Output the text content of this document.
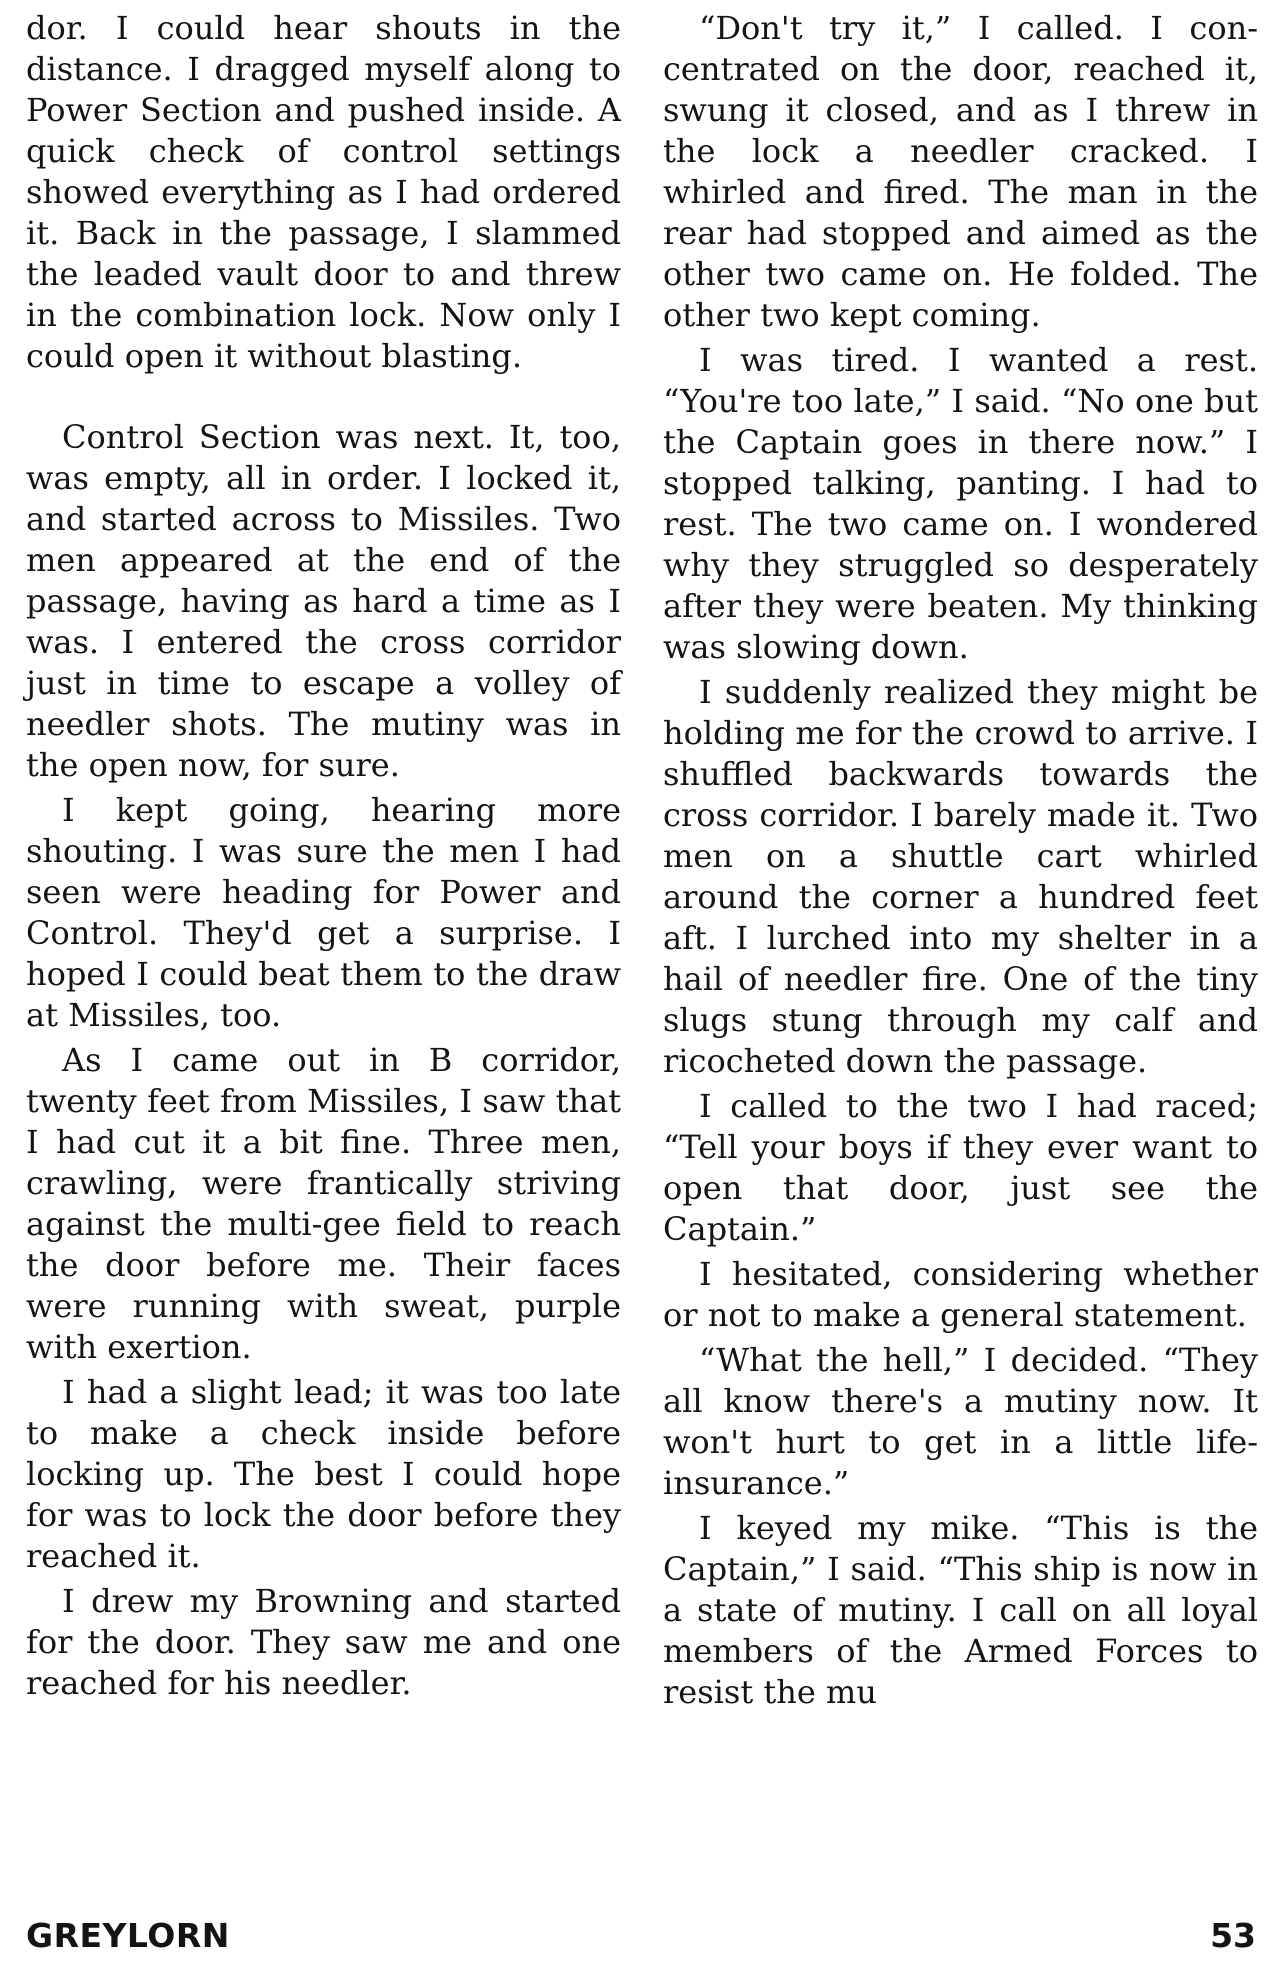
dor. I could hear shouts in the distance. I dragged myself along to Power Section and pushed inside. A quick check of control settings showed everything as I had ordered it. Back in the passage, I slammed the leaded vault door to and threw in the combination lock. Now only I could open it without blasting.

Control Section was next. It, too, was empty, all in order. I locked it, and started across to Missiles. Two men appeared at the end of the passage, having as hard a time as I was. I entered the cross corridor just in time to escape a volley of needler shots. The mutiny was in the open now, for sure.

I kept going, hearing more shouting. I was sure the men I had seen were heading for Power and Control. They'd get a surprise. I hoped I could beat them to the draw at Missiles, too.

As I came out in B corridor, twenty feet from Missiles, I saw that I had cut it a bit fine. Three men, crawling, were frantically striving against the multi-gee field to reach the door before me. Their faces were running with sweat, purple with exertion.

I had a slight lead; it was too late to make a check inside before locking up. The best I could hope for was to lock the door before they reached it.

I drew my Browning and started for the door. They saw me and one reached for his needler.

“Don't try it,” I called. I concentrated on the door, reached it, swung it closed, and as I threw in the lock a needler cracked. I whirled and fired. The man in the rear had stopped and aimed as the other two came on. He folded. The other two kept coming.

I was tired. I wanted a rest. “You're too late,” I said. “No one but the Captain goes in there now.” I stopped talking, panting. I had to rest. The two came on. I wondered why they struggled so desperately after they were beaten. My thinking was slowing down.

I suddenly realized they might be holding me for the crowd to arrive. I shuffled backwards towards the cross corridor. I barely made it. Two men on a shuttle cart whirled around the corner a hundred feet aft. I lurched into my shelter in a hail of needler fire. One of the tiny slugs stung through my calf and ricocheted down the passage.

I called to the two I had raced; “Tell your boys if they ever want to open that door, just see the Captain.”

I hesitated, considering whether or not to make a general statement.

“What the hell,” I decided. “They all know there's a mutiny now. It won't hurt to get in a little life-insurance.”

I keyed my mike. “This is the Captain,” I said. “This ship is now in a state of mutiny. I call on all loyal members of the Armed Forces to resist the mu

GREYLORN	53
